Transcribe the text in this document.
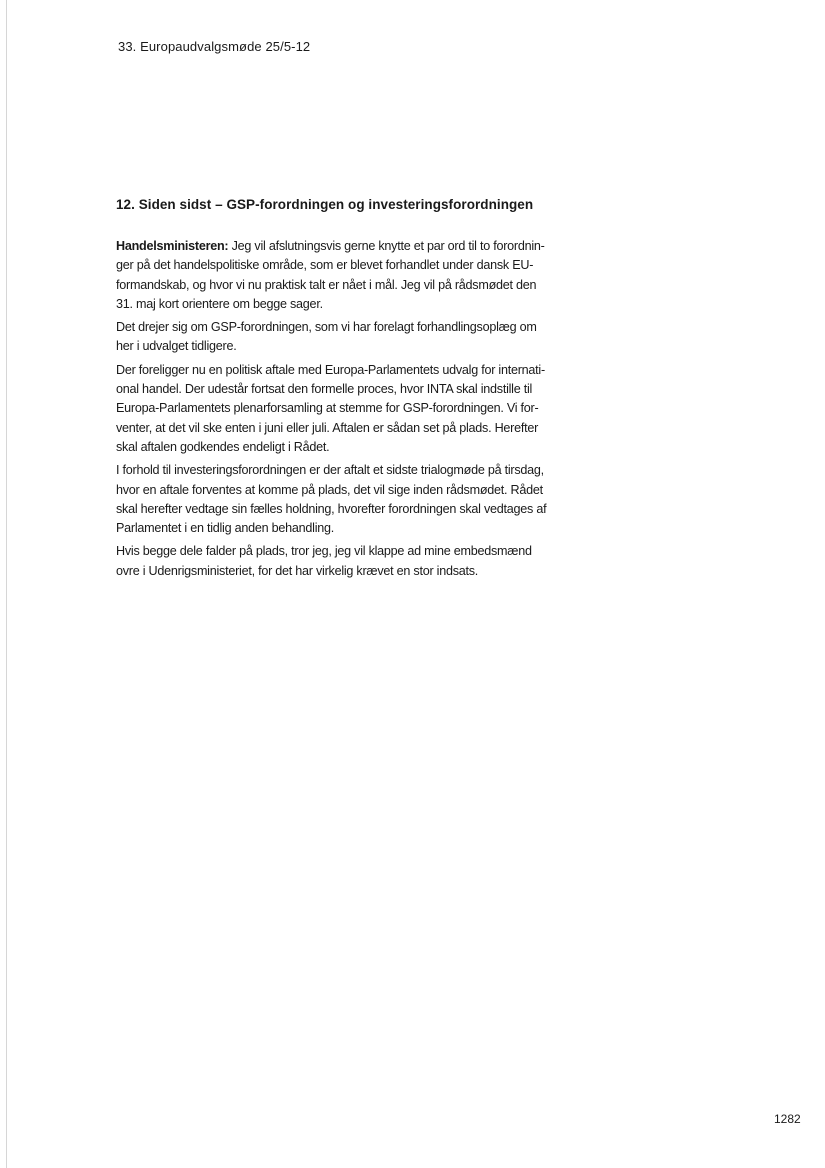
33. Europaudvalgsmøde 25/5-12
12. Siden sidst – GSP-forordningen og investeringsforordningen

Handelsministeren: Jeg vil afslutningsvis gerne knytte et par ord til to forordnin-
ger på det handelspolitiske område, som er blevet forhandlet under dansk EU-
formandskab, og hvor vi nu praktisk talt er nået i mål. Jeg vil på rådsmødet den
31. maj kort orientere om begge sager.

Det drejer sig om GSP-forordningen, som vi har forelagt forhandlingsoplæg om
her i udvalget tidligere.

Der foreligger nu en politisk aftale med Europa-Parlamentets udvalg for internati-
onal handel. Der udestår fortsat den formelle proces, hvor INTA skal indstille til
Europa-Parlamentets plenarforsamling at stemme for GSP-forordningen. Vi for-
venter, at det vil ske enten i juni eller juli. Aftalen er sådan set på plads. Herefter
skal aftalen godkendes endeligt i Rådet.

I forhold til investeringsforordningen er der aftalt et sidste trialogmøde på tirsdag,
hvor en aftale forventes at komme på plads, det vil sige inden rådsmødet. Rådet
skal herefter vedtage sin fælles holdning, hvorefter forordningen skal vedtages af
Parlamentet i en tidlig anden behandling.

Hvis begge dele falder på plads, tror jeg, jeg vil klappe ad mine embedsmænd
ovre i Udenrigsministeriet, for det har virkelig krævet en stor indsats.

1282
